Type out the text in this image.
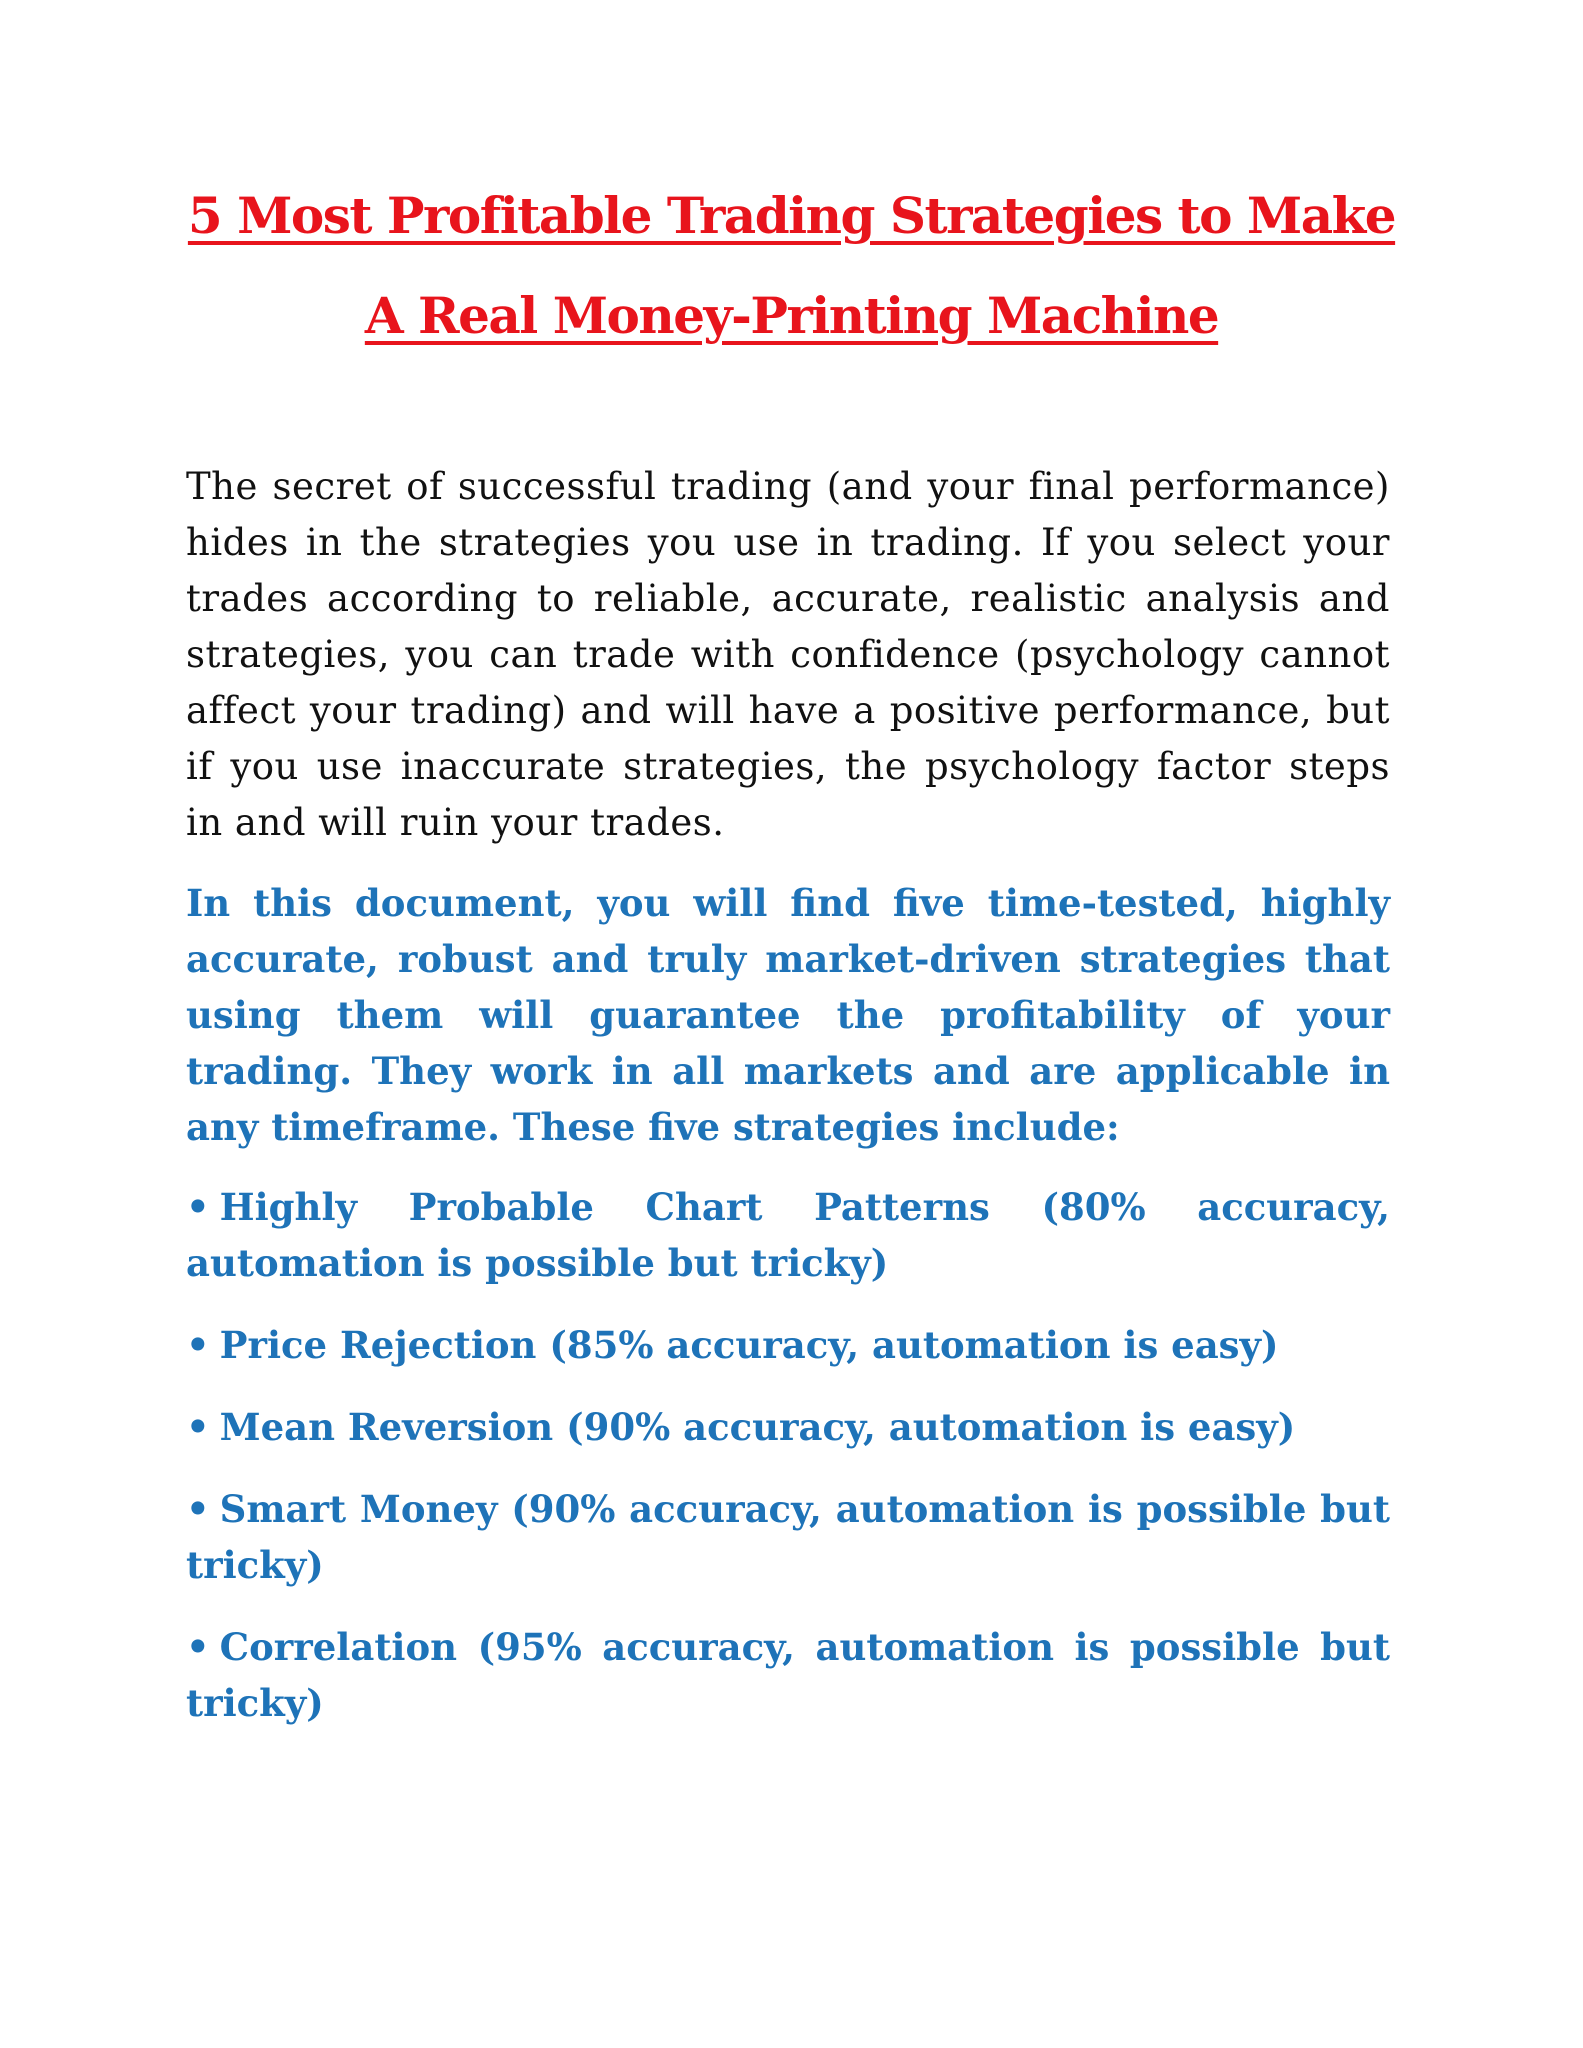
5 Most Profitable Trading Strategies to Make
A Real Money-Printing Machine

The secret of successful trading (and your final performance) hides in the strategies you use in trading. If you select your trades according to reliable, accurate, realistic analysis and strategies, you can trade with confidence (psychology cannot affect your trading) and will have a positive performance, but if you use inaccurate strategies, the psychology factor steps in and will ruin your trades.

In this document, you will find five time-tested, highly accurate, robust and truly market-driven strategies that using them will guarantee the profitability of your trading. They work in all markets and are applicable in any timeframe. These five strategies include:

• Highly Probable Chart Patterns (80% accuracy, automation is possible but tricky)
• Price Rejection (85% accuracy, automation is easy)
• Mean Reversion (90% accuracy, automation is easy)
• Smart Money (90% accuracy, automation is possible but tricky)
• Correlation (95% accuracy, automation is possible but tricky)
